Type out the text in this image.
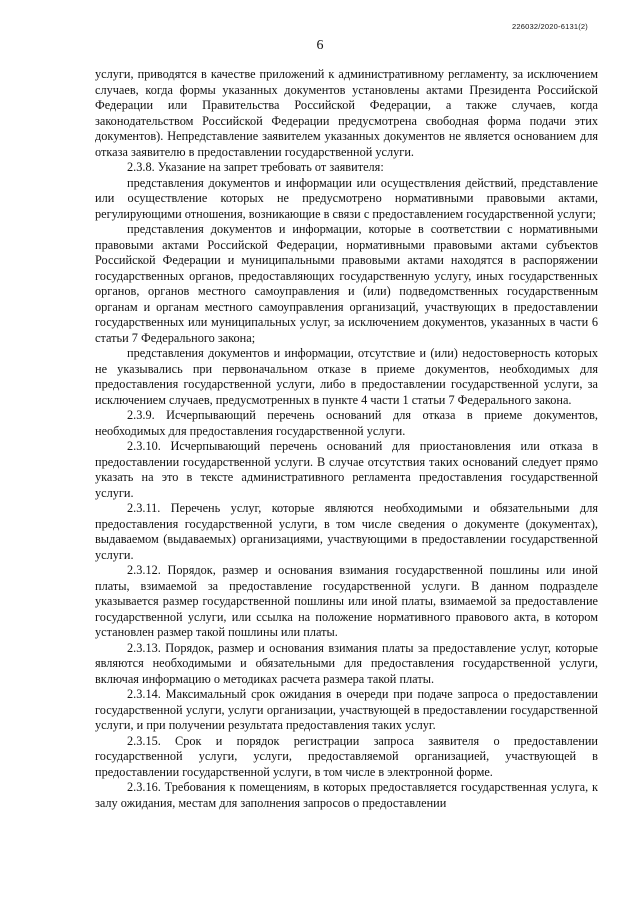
226032/2020-6131(2)
6

услуги, приводятся в качестве приложений к административному регламенту, за исключением случаев, когда формы указанных документов установлены актами Президента Российской Федерации или Правительства Российской Федерации, а также случаев, когда законодательством Российской Федерации предусмотрена свободная форма подачи этих документов). Непредставление заявителем указанных документов не является основанием для отказа заявителю в предоставлении государственной услуги.

2.3.8. Указание на запрет требовать от заявителя:

представления документов и информации или осуществления действий, представление или осуществление которых не предусмотрено нормативными правовыми актами, регулирующими отношения, возникающие в связи с предоставлением государственной услуги;

представления документов и информации, которые в соответствии с нормативными правовыми актами Российской Федерации, нормативными правовыми актами субъектов Российской Федерации и муниципальными правовыми актами находятся в распоряжении государственных органов, предоставляющих государственную услугу, иных государственных органов, органов местного самоуправления и (или) подведомственных государственным органам и органам местного самоуправления организаций, участвующих в предоставлении государственных или муниципальных услуг, за исключением документов, указанных в части 6 статьи 7 Федерального закона;

представления документов и информации, отсутствие и (или) недостоверность которых не указывались при первоначальном отказе в приеме документов, необходимых для предоставления государственной услуги, либо в предоставлении государственной услуги, за исключением случаев, предусмотренных в пункте 4 части 1 статьи 7 Федерального закона.

2.3.9. Исчерпывающий перечень оснований для отказа в приеме документов, необходимых для предоставления государственной услуги.

2.3.10. Исчерпывающий перечень оснований для приостановления или отказа в предоставлении государственной услуги. В случае отсутствия таких оснований следует прямо указать на это в тексте административного регламента предоставления государственной услуги.

2.3.11. Перечень услуг, которые являются необходимыми и обязательными для предоставления государственной услуги, в том числе сведения о документе (документах), выдаваемом (выдаваемых) организациями, участвующими в предоставлении государственной услуги.

2.3.12. Порядок, размер и основания взимания государственной пошлины или иной платы, взимаемой за предоставление государственной услуги. В данном подразделе указывается размер государственной пошлины или иной платы, взимаемой за предоставление государственной услуги, или ссылка на положение нормативного правового акта, в котором установлен размер такой пошлины или платы.

2.3.13. Порядок, размер и основания взимания платы за предоставление услуг, которые являются необходимыми и обязательными для предоставления государственной услуги, включая информацию о методиках расчета размера такой платы.

2.3.14. Максимальный срок ожидания в очереди при подаче запроса о предоставлении государственной услуги, услуги организации, участвующей в предоставлении государственной услуги, и при получении результата предоставления таких услуг.

2.3.15. Срок и порядок регистрации запроса заявителя о предоставлении государственной услуги, услуги, предоставляемой организацией, участвующей в предоставлении государственной услуги, в том числе в электронной форме.

2.3.16. Требования к помещениям, в которых предоставляется государственная услуга, к залу ожидания, местам для заполнения запросов о предоставлении
